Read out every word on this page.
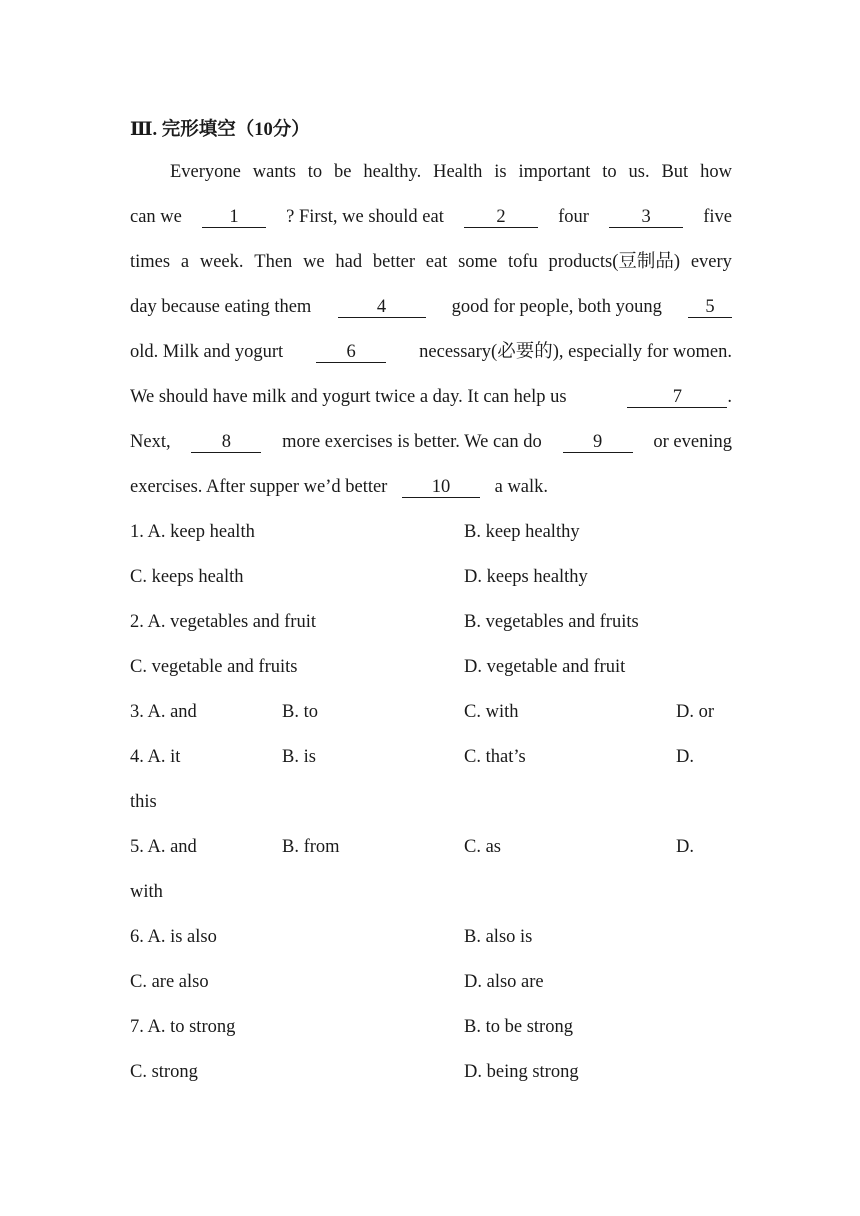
Ⅲ. 完形填空（10分）
Everyone wants to be healthy. Health is important to us. But how
can we	1	? First, we should eat	2	four	3	five
times a week. Then we had better eat some tofu products(豆制品) every
day because eating them	4	good for people, both young	5
old. Milk and yogurt	6	necessary(必要的), especially for women.
We should have milk and yogurt twice a day. It can help us	7	.
Next,	8	more exercises is better. We can do	9	or evening
exercises. After supper we’d better 10 a walk.
1. A. keep health	B. keep healthy
C. keeps health	D. keeps healthy
2. A. vegetables and fruit	B. vegetables and fruits
C. vegetable and fruits	D. vegetable and fruit
3. A. and	B. to	C. with	D. or
4. A. it	B. is	C. that’s	D.
this
5. A. and	B. from	C. as	D.
with
6. A. is also	B. also is
C. are also	D. also are
7. A. to strong	B. to be strong
C. strong	D. being strong
